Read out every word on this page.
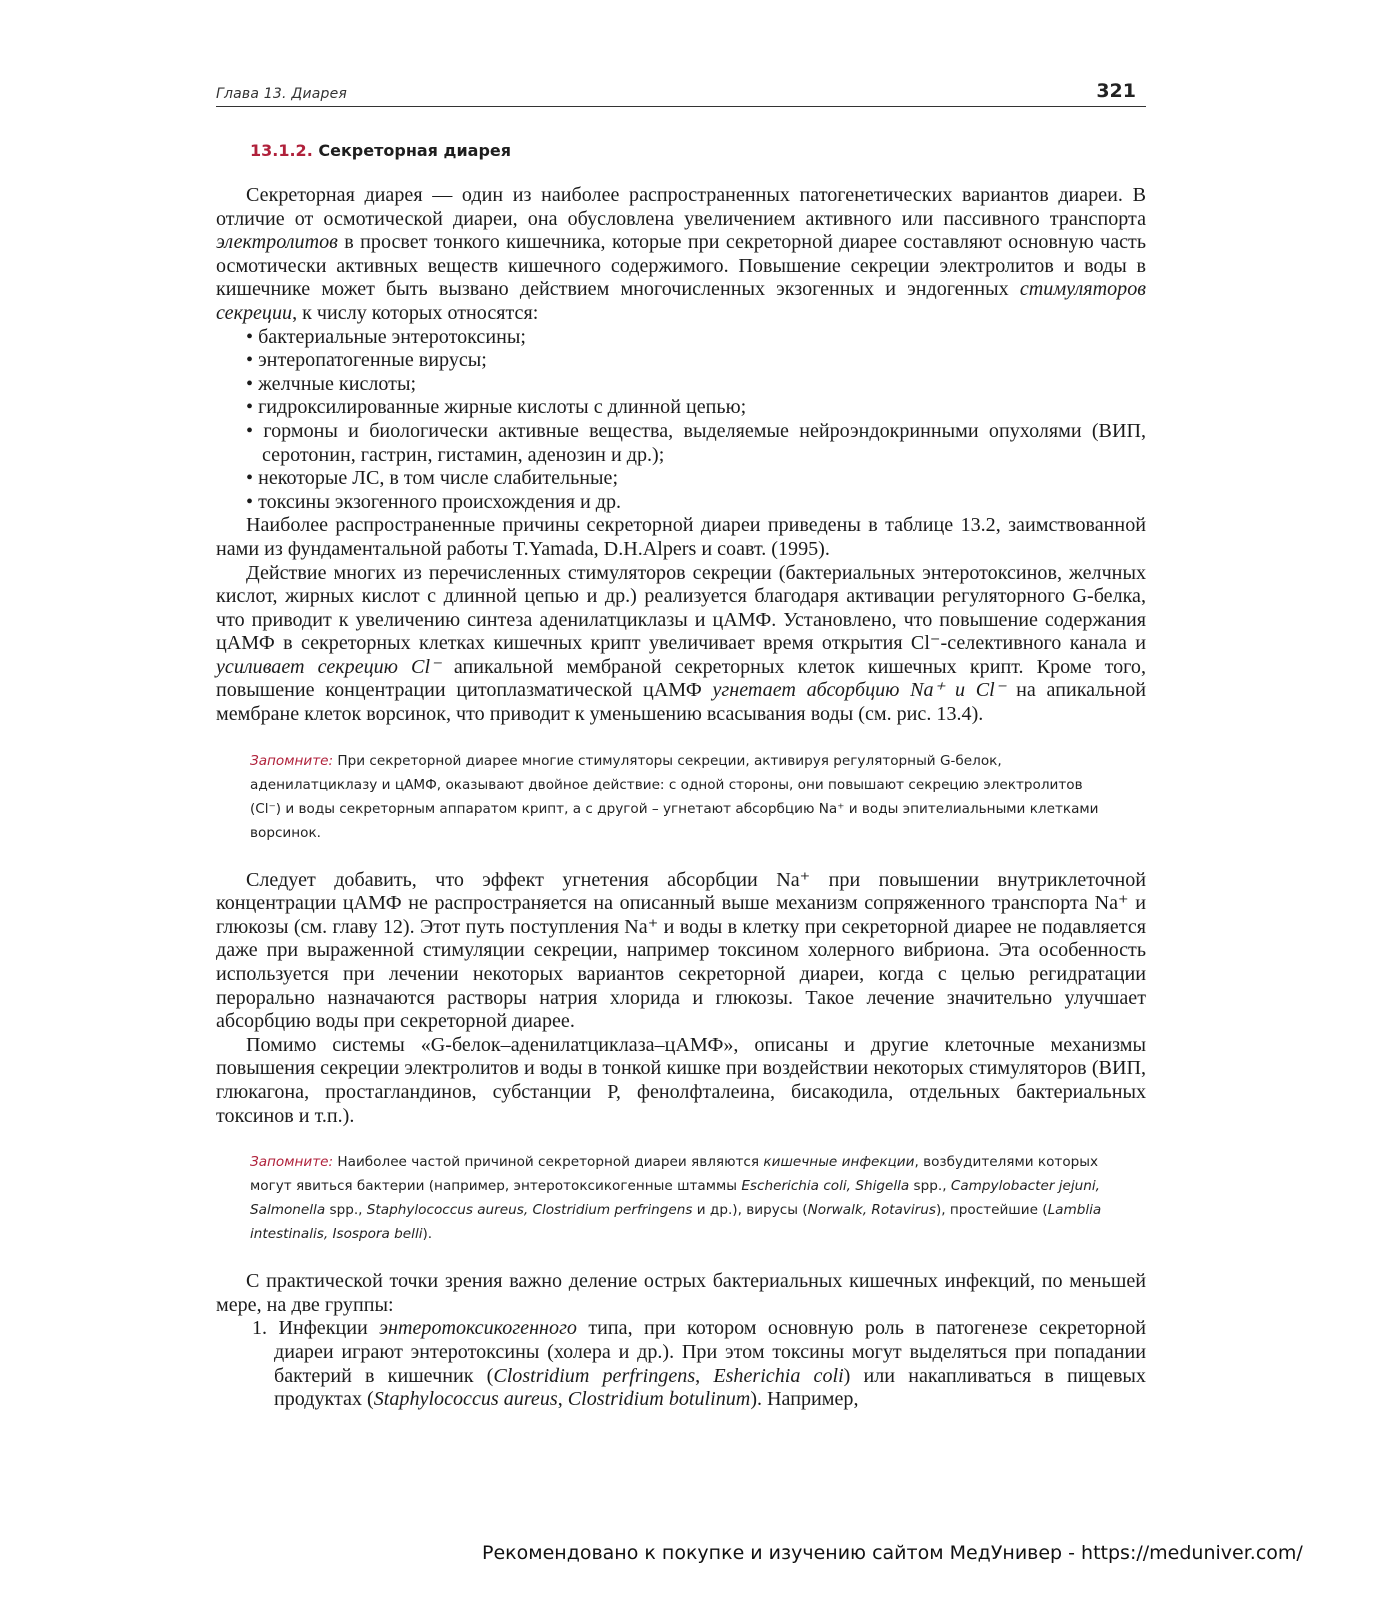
Глава 13. Диарея	321
13.1.2. Секреторная диарея

Секреторная диарея — один из наиболее распространенных патогенетических вариантов диареи. В отличие от осмотической диареи, она обусловлена увеличением активного или пассивного транспорта электролитов в просвет тонкого кишечника, которые при секреторной диарее составляют основную часть осмотически активных веществ кишечного содержимого. Повышение секреции электролитов и воды в кишечнике может быть вызвано действием многочисленных экзогенных и эндогенных стимуляторов секреции, к числу которых относятся:

• бактериальные энтеротоксины;
• энтеропатогенные вирусы;
• желчные кислоты;
• гидроксилированные жирные кислоты с длинной цепью;
• гормоны и биологически активные вещества, выделяемые нейроэндокринными опухолями (ВИП, серотонин, гастрин, гистамин, аденозин и др.);
• некоторые ЛС, в том числе слабительные;
• токсины экзогенного происхождения и др.

Наиболее распространенные причины секреторной диареи приведены в таблице 13.2, заимствованной нами из фундаментальной работы T.Yamada, D.H.Alpers и соавт. (1995).

Действие многих из перечисленных стимуляторов секреции (бактериальных энтеротоксинов, желчных кислот, жирных кислот с длинной цепью и др.) реализуется благодаря активации регуляторного G-белка, что приводит к увеличению синтеза аденилатциклазы и цАМФ. Установлено, что повышение содержания цАМФ в секреторных клетках кишечных крипт увеличивает время открытия Cl⁻-селективного канала и усиливает секрецию Cl⁻ апикальной мембраной секреторных клеток кишечных крипт. Кроме того, повышение концентрации цитоплазматической цАМФ угнетает абсорбцию Na⁺ и Cl⁻ на апикальной мембране клеток ворсинок, что приводит к уменьшению всасывания воды (см. рис. 13.4).

Запомните: При секреторной диарее многие стимуляторы секреции, активируя регуляторный G-белок, аденилатциклазу и цАМФ, оказывают двойное действие: с одной стороны, они повышают секрецию электролитов (Cl⁻) и воды секреторным аппаратом крипт, а с другой – угнетают абсорбцию Na⁺ и воды эпителиальными клетками ворсинок.

Следует добавить, что эффект угнетения абсорбции Na⁺ при повышении внутриклеточной концентрации цАМФ не распространяется на описанный выше механизм сопряженного транспорта Na⁺ и глюкозы (см. главу 12). Этот путь поступления Na⁺ и воды в клетку при секреторной диарее не подавляется даже при выраженной стимуляции секреции, например токсином холерного вибриона. Эта особенность используется при лечении некоторых вариантов секреторной диареи, когда с целью регидратации перорально назначаются растворы натрия хлорида и глюкозы. Такое лечение значительно улучшает абсорбцию воды при секреторной диарее.

Помимо системы «G-белок–аденилатциклаза–цАМФ», описаны и другие клеточные механизмы повышения секреции электролитов и воды в тонкой кишке при воздействии некоторых стимуляторов (ВИП, глюкагона, простагландинов, субстанции Р, фенолфталеина, бисакодила, отдельных бактериальных токсинов и т.п.).

Запомните: Наиболее частой причиной секреторной диареи являются кишечные инфекции, возбудителями которых могут явиться бактерии (например, энтеротоксикогенные штаммы Escherichia coli, Shigella spp., Campylobacter jejuni, Salmonella spp., Staphylococcus aureus, Clostridium perfringens и др.), вирусы (Norwalk, Rotavirus), простейшие (Lamblia intestinalis, Isospora belli).

С практической точки зрения важно деление острых бактериальных кишечных инфекций, по меньшей мере, на две группы:

1. Инфекции энтеротоксикогенного типа, при котором основную роль в патогенезе секреторной диареи играют энтеротоксины (холера и др.). При этом токсины могут выделяться при попадании бактерий в кишечник (Clostridium perfringens, Esherichia coli) или накапливаться в пищевых продуктах (Staphylococcus aureus, Clostridium botulinum). Например,
Рекомендовано к покупке и изучению сайтом МедУнивер - https://meduniver.com/
